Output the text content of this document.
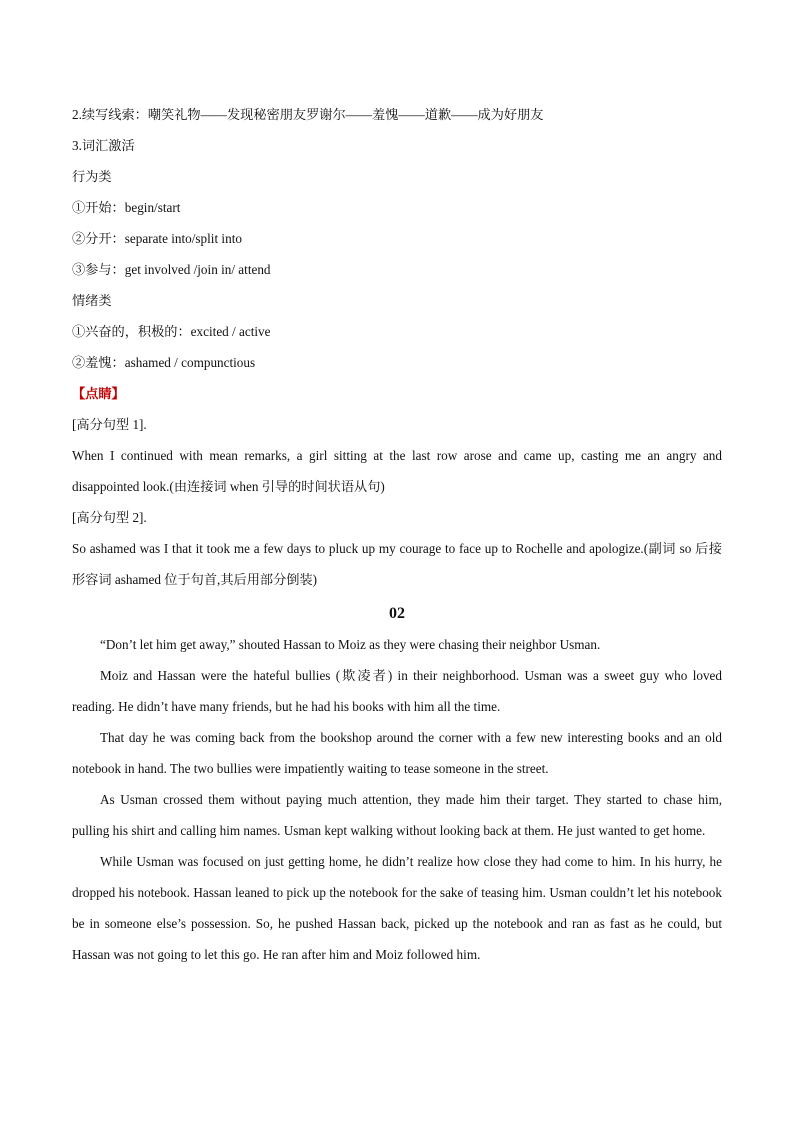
2.续写线索：嘲笑礼物——发现秘密朋友罗谢尔——羞愧——道歉——成为好朋友
3.词汇激活
行为类
①开始：begin/start
②分开：separate into/split into
③参与：get involved /join in/ attend
情绪类
①兴奋的，积极的：excited / active
②羞愧：ashamed / compunctious
【点睛】
[高分句型 1].

When I continued with mean remarks, a girl sitting at the last row arose and came up, casting me an angry and disappointed look.(由连接词 when 引导的时间状语从句)

[高分句型 2].

So ashamed was I that it took me a few days to pluck up my courage to face up to Rochelle and apologize.(副词 so 后接形容词 ashamed 位于句首,其后用部分倒装)

02

“Don’t let him get away,” shouted Hassan to Moiz as they were chasing their neighbor Usman.

Moiz and Hassan were the hateful bullies (欺凌者) in their neighborhood. Usman was a sweet guy who loved reading. He didn’t have many friends, but he had his books with him all the time.

That day he was coming back from the bookshop around the corner with a few new interesting books and an old notebook in hand. The two bullies were impatiently waiting to tease someone in the street.

As Usman crossed them without paying much attention, they made him their target. They started to chase him, pulling his shirt and calling him names. Usman kept walking without looking back at them. He just wanted to get home.

While Usman was focused on just getting home, he didn’t realize how close they had come to him. In his hurry, he dropped his notebook. Hassan leaned to pick up the notebook for the sake of teasing him. Usman couldn’t let his notebook be in someone else’s possession. So, he pushed Hassan back, picked up the notebook and ran as fast as he could, but Hassan was not going to let this go. He ran after him and Moiz followed him.
